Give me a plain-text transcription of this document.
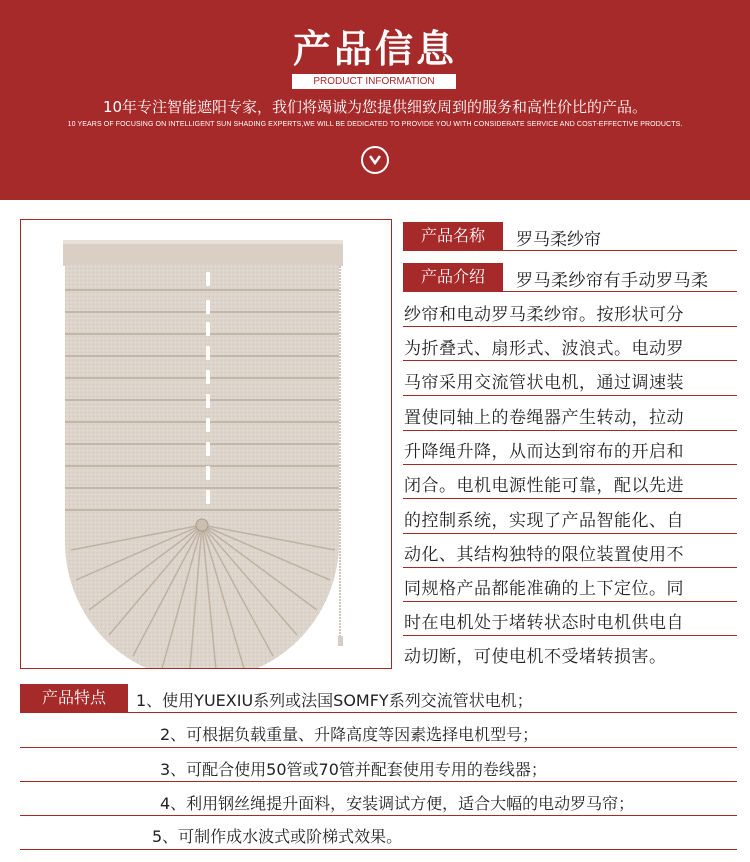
产品信息
PRODUCT INFORMATION
10年专注智能遮阳专家，我们将竭诚为您提供细致周到的服务和高性价比的产品。
10 YEARS OF FOCUSING ON INTELLIGENT SUN SHADING EXPERTS,WE WILL BE DEDICATED TO PROVIDE YOU WITH CONSIDERATE SERVICE AND COST-EFFECTIVE PRODUCTS.
产品名称	罗马柔纱帘
产品介绍	罗马柔纱帘有手动罗马柔
纱帘和电动罗马柔纱帘。按形状可分
为折叠式、扇形式、波浪式。电动罗
马帘采用交流管状电机，通过调速装
置使同轴上的卷绳器产生转动，拉动
升降绳升降，从而达到帘布的开启和
闭合。电机电源性能可靠，配以先进
的控制系统，实现了产品智能化、自
动化、其结构独特的限位装置使用不
同规格产品都能准确的上下定位。同
时在电机处于堵转状态时电机供电自
动切断，可使电机不受堵转损害。
产品特点	1、使用YUEXIU系列或法国SOMFY系列交流管状电机；
2、可根据负载重量、升降高度等因素选择电机型号；
3、可配合使用50管或70管并配套使用专用的卷线器；
4、利用钢丝绳提升面料，安装调试方便，适合大幅的电动罗马帘；
5、可制作成水波式或阶梯式效果。
